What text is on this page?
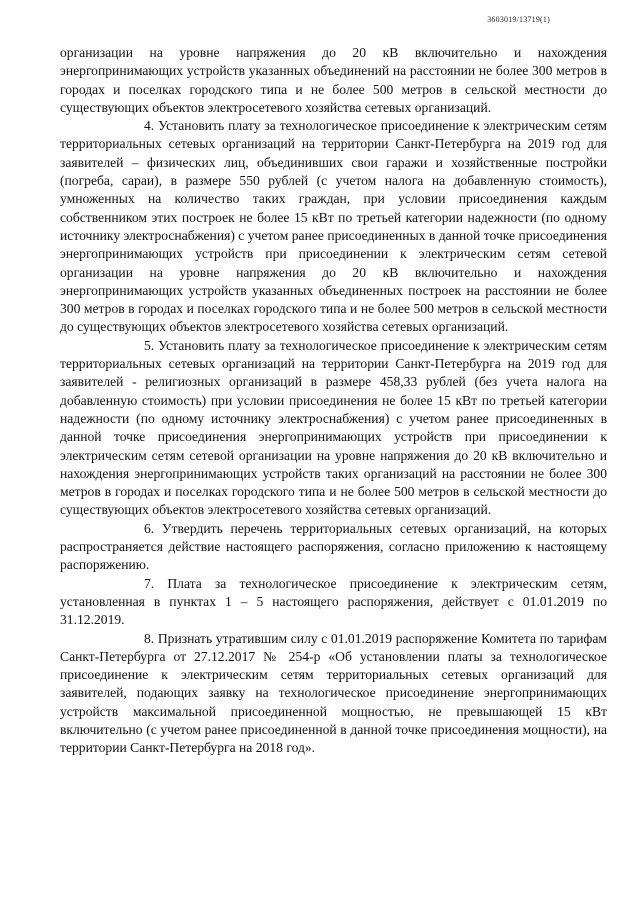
3603019/13719(1)

организации на уровне напряжения до 20 кВ включительно и нахождения энергопринимающих устройств указанных объединений на расстоянии не более 300 метров в городах и поселках городского типа и не более 500 метров в сельской местности до существующих объектов электросетевого хозяйства сетевых организаций.

4. Установить плату за технологическое присоединение к электрическим сетям территориальных сетевых организаций на территории Санкт-Петербурга на 2019 год для заявителей – физических лиц, объединивших свои гаражи и хозяйственные постройки (погреба, сараи), в размере 550 рублей (с учетом налога на добавленную стоимость), умноженных на количество таких граждан, при условии присоединения каждым собственником этих построек не более 15 кВт по третьей категории надежности (по одному источнику электроснабжения) с учетом ранее присоединенных в данной точке присоединения энергопринимающих устройств при присоединении к электрическим сетям сетевой организации на уровне напряжения до 20 кВ включительно и нахождения энергопринимающих устройств указанных объединенных построек на расстоянии не более 300 метров в городах и поселках городского типа и не более 500 метров в сельской местности до существующих объектов электросетевого хозяйства сетевых организаций.

5. Установить плату за технологическое присоединение к электрическим сетям территориальных сетевых организаций на территории Санкт-Петербурга на 2019 год для заявителей - религиозных организаций в размере 458,33 рублей (без учета налога на добавленную стоимость) при условии присоединения не более 15 кВт по третьей категории надежности (по одному источнику электроснабжения) с учетом ранее присоединенных в данной точке присоединения энергопринимающих устройств при присоединении к электрическим сетям сетевой организации на уровне напряжения до 20 кВ включительно и нахождения энергопринимающих устройств таких организаций на расстоянии не более 300 метров в городах и поселках городского типа и не более 500 метров в сельской местности до существующих объектов электросетевого хозяйства сетевых организаций.

6. Утвердить перечень территориальных сетевых организаций, на которых распространяется действие настоящего распоряжения, согласно приложению к настоящему распоряжению.

7. Плата за технологическое присоединение к электрическим сетям, установленная в пунктах 1 – 5 настоящего распоряжения, действует с 01.01.2019 по 31.12.2019.

8. Признать утратившим силу с 01.01.2019 распоряжение Комитета по тарифам Санкт-Петербурга от 27.12.2017 № 254-р «Об установлении платы за технологическое присоединение к электрическим сетям территориальных сетевых организаций для заявителей, подающих заявку на технологическое присоединение энергопринимающих устройств максимальной присоединенной мощностью, не превышающей 15 кВт включительно (с учетом ранее присоединенной в данной точке присоединения мощности), на территории Санкт-Петербурга на 2018 год».
